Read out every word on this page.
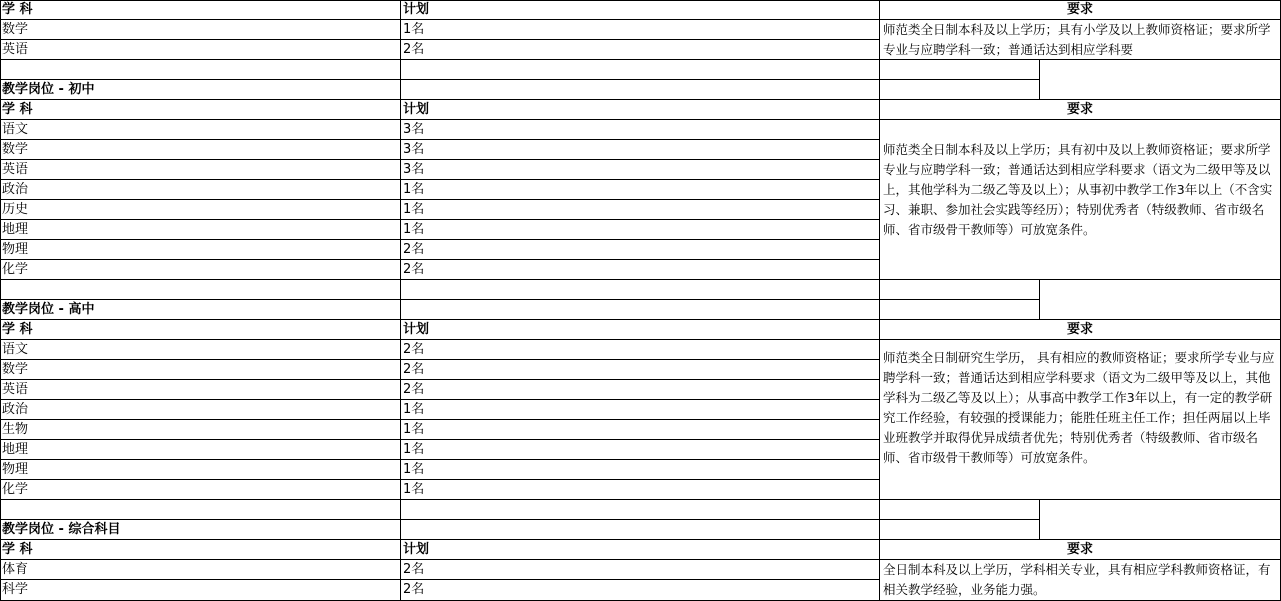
学 科	计划	要求
数学	1名
英语	2名
师范类全日制本科及以上学历；具有小学及以上教师资格证；要求所学专业与应聘学科一致；普通话达到相应学科要
教学岗位 - 初中
学 科	计划	要求
语文	3名
数学	3名
英语	3名
政治	1名
历史	1名
地理	1名
物理	2名
化学	2名
师范类全日制本科及以上学历；具有初中及以上教师资格证；要求所学专业与应聘学科一致；普通话达到相应学科要求（语文为二级甲等及以上，其他学科为二级乙等及以上）；从事初中教学工作3年以上（不含实习、兼职、参加社会实践等经历）；特别优秀者（特级教师、省市级名师、省市级骨干教师等）可放宽条件。
教学岗位 - 高中
学 科	计划	要求
语文	2名
数学	2名
英语	2名
政治	1名
生物	1名
地理	1名
物理	1名
化学	1名
师范类全日制研究生学历， 具有相应的教师资格证；要求所学专业与应聘学科一致；普通话达到相应学科要求（语文为二级甲等及以上，其他学科为二级乙等及以上）；从事高中教学工作3年以上，有一定的教学研究工作经验，有较强的授课能力；能胜任班主任工作；担任两届以上毕业班教学并取得优异成绩者优先；特别优秀者（特级教师、省市级名师、省市级骨干教师等）可放宽条件。
教学岗位 - 综合科目
学 科	计划	要求
体育	2名
科学	2名
全日制本科及以上学历，学科相关专业，具有相应学科教师资格证，有相关教学经验，业务能力强。
